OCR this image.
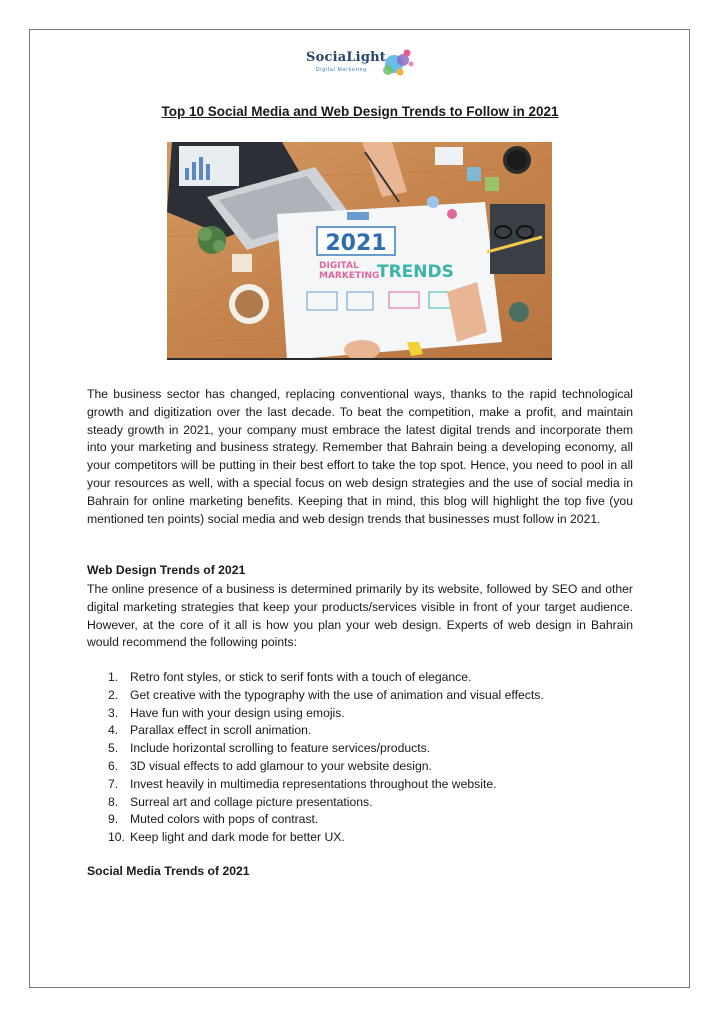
SociaLight
Digital Marketing
Top 10 Social Media and Web Design Trends to Follow in 2021
2021
DIGITAL
MARKETING
TRENDS

The business sector has changed, replacing conventional ways, thanks to the rapid technological growth and digitization over the last decade. To beat the competition, make a profit, and maintain steady growth in 2021, your company must embrace the latest digital trends and incorporate them into your marketing and business strategy. Remember that Bahrain being a developing economy, all your competitors will be putting in their best effort to take the top spot. Hence, you need to pool in all your resources as well, with a special focus on web design strategies and the use of social media in Bahrain for online marketing benefits. Keeping that in mind, this blog will highlight the top five (you mentioned ten points) social media and web design trends that businesses must follow in 2021.

Web Design Trends of 2021

The online presence of a business is determined primarily by its website, followed by SEO and other digital marketing strategies that keep your products/services visible in front of your target audience. However, at the core of it all is how you plan your web design. Experts of web design in Bahrain would recommend the following points:

1. Retro font styles, or stick to serif fonts with a touch of elegance.
2. Get creative with the typography with the use of animation and visual effects.
3. Have fun with your design using emojis.
4. Parallax effect in scroll animation.
5. Include horizontal scrolling to feature services/products.
6. 3D visual effects to add glamour to your website design.
7. Invest heavily in multimedia representations throughout the website.
8. Surreal art and collage picture presentations.
9. Muted colors with pops of contrast.
10. Keep light and dark mode for better UX.

Social Media Trends of 2021
